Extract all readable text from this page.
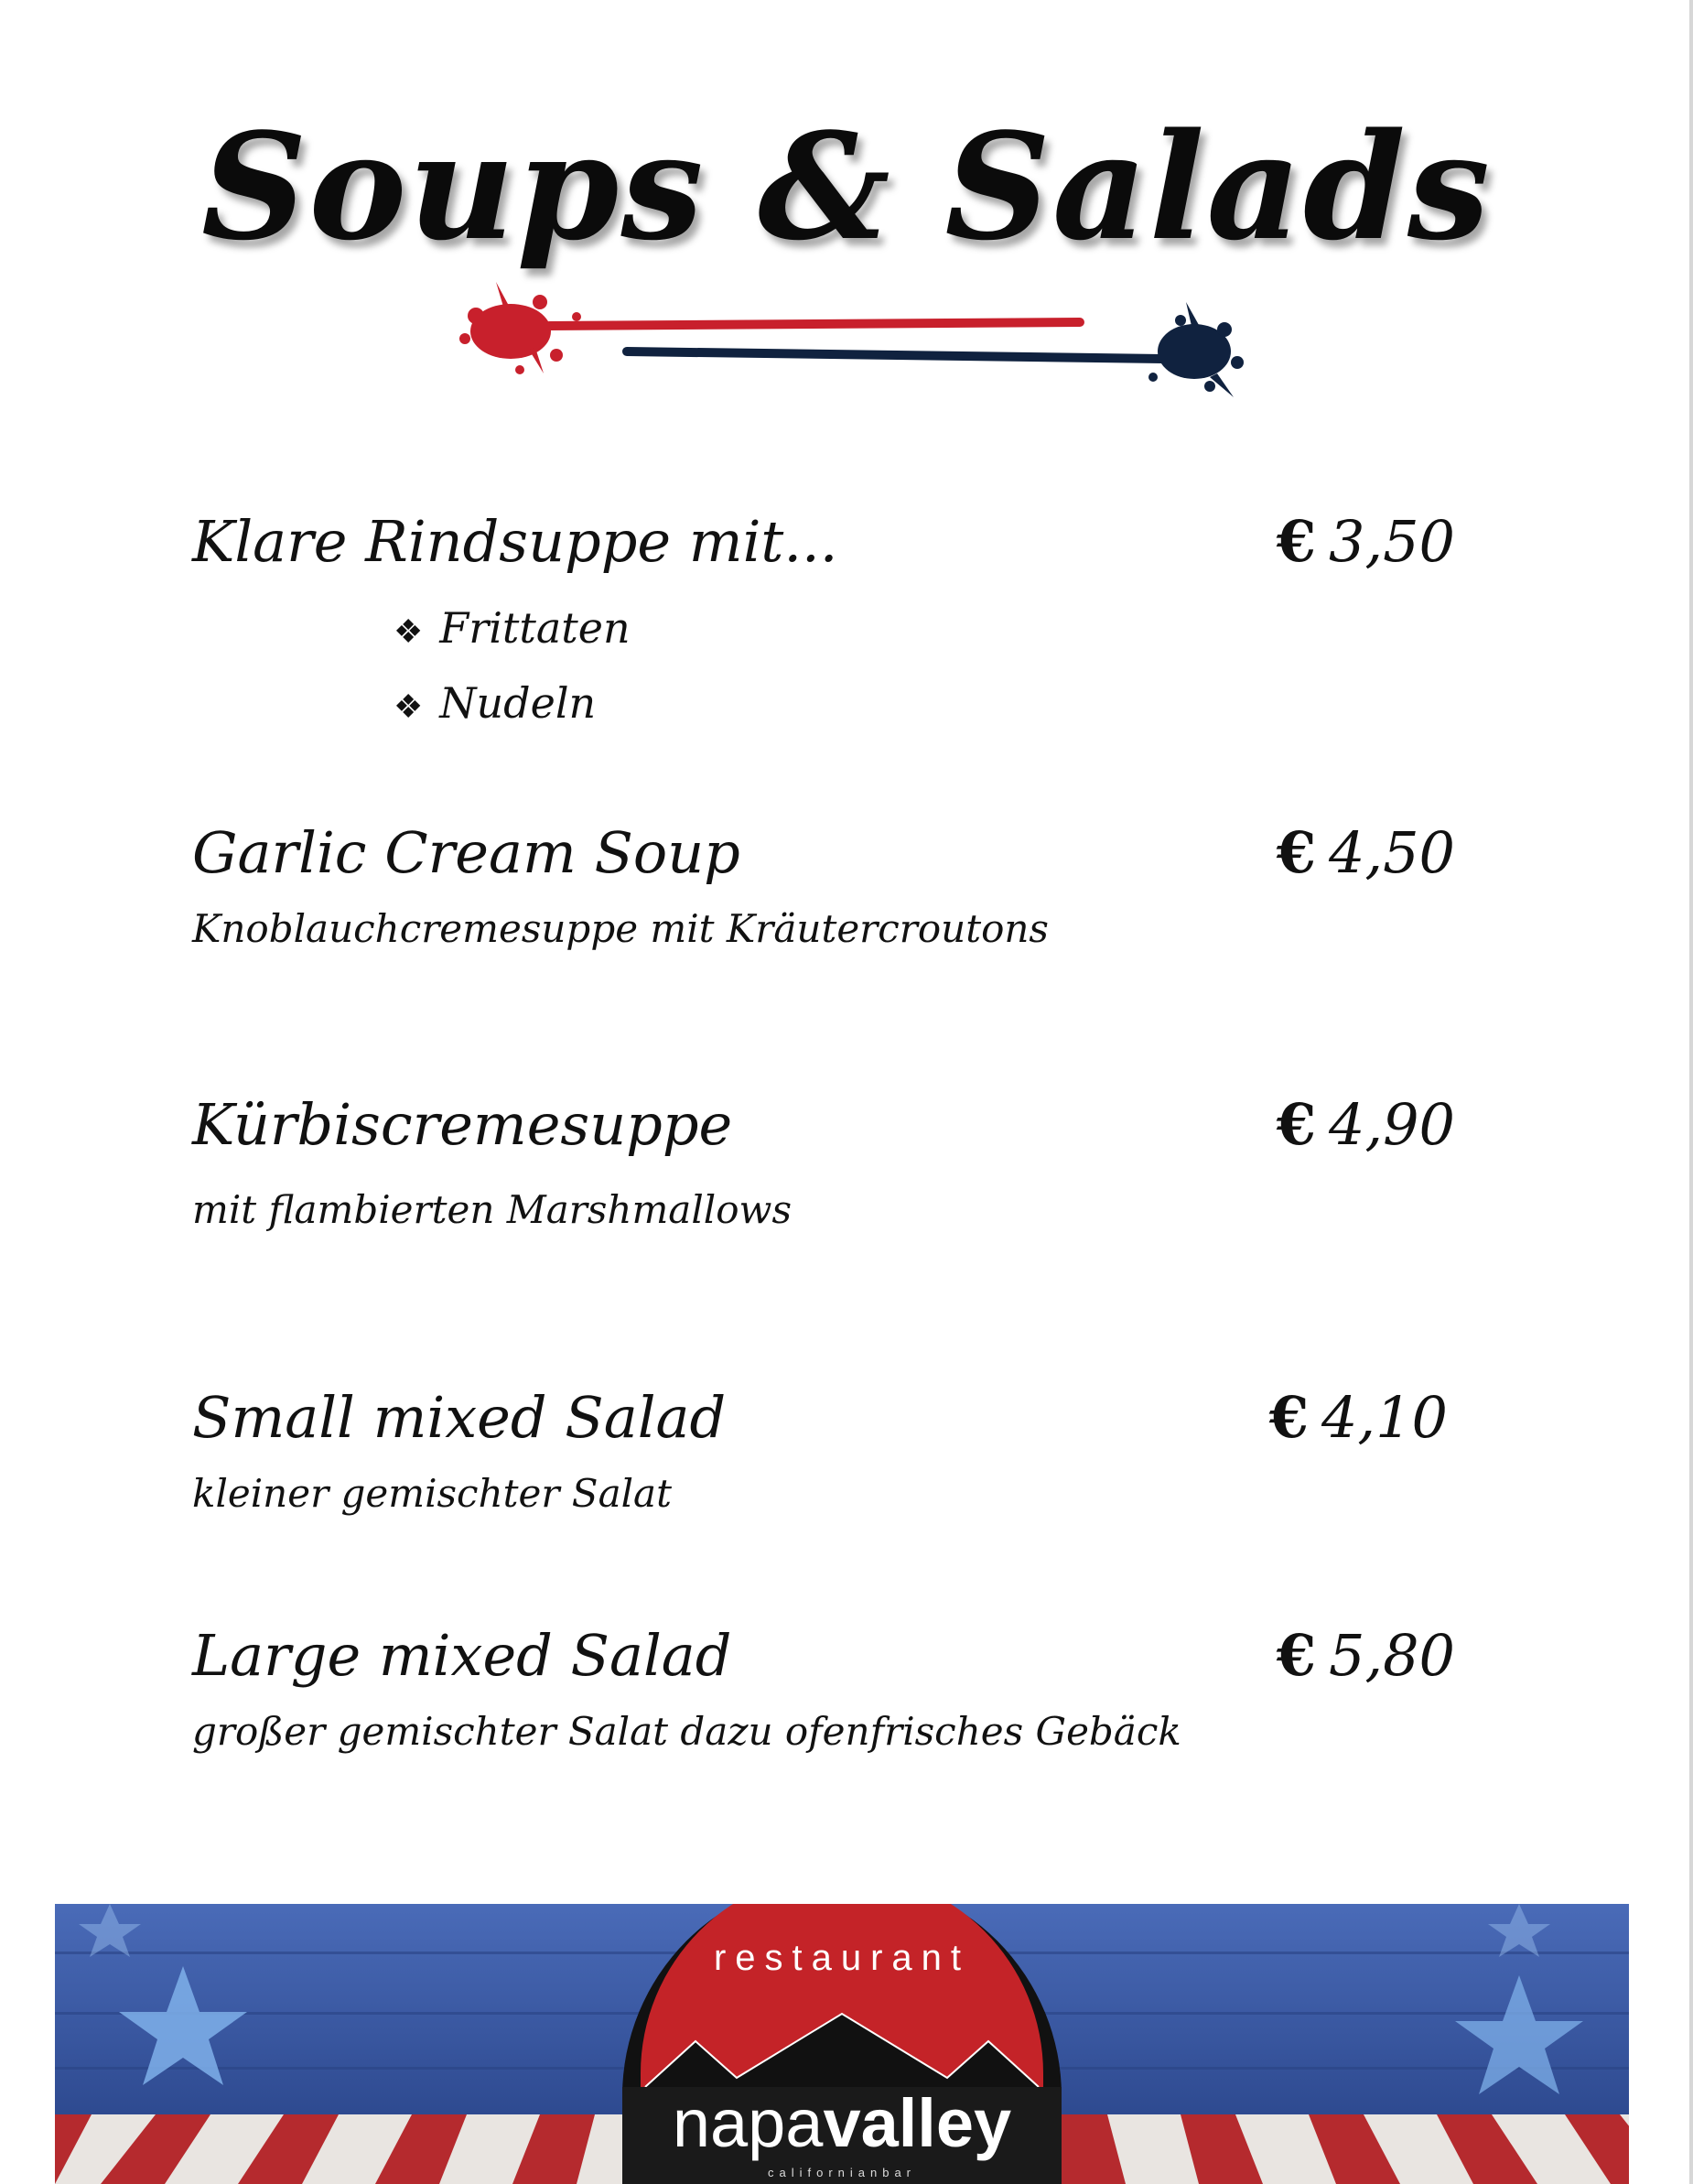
Soups & Salads
Klare Rindsuppe mit...	€ 3,50
❖ Frittaten
❖ Nudeln
Garlic Cream Soup	€ 4,50
Knoblauchcremesuppe mit Kräutercroutons
Kürbiscremesuppe	€ 4,90
mit flambierten Marshmallows
Small mixed Salad	€ 4,10
kleiner gemischter Salat
Large mixed Salad	€ 5,80
großer gemischter Salat dazu ofenfrisches Gebäck
restaurant
napavalley
californianbar
